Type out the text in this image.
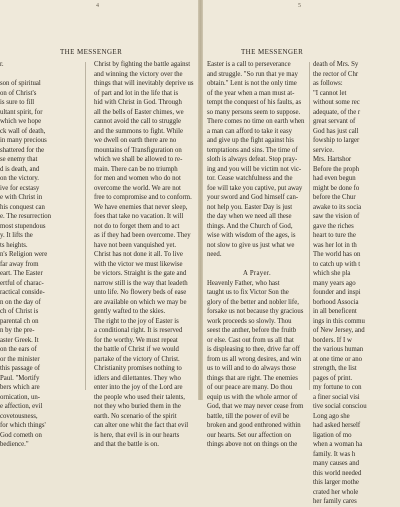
4
THE MESSENGER
r.
son of spiritual
on of Christ's
is sure to fill
ultant spirit, for
which we hope
ck wall of death,
in many precious
shattered for the
se enemy that
d is death, and
on the victory.
ive for ecstasy
e with Christ in
his conquest can
e. The resurrection
most stupendous
y. It lifts the
ts heights.
n's Religion were
far away from
eart. The Easter
ertful of charac-
ractical conside-
n on the day of
ch of Christ is
parental ch on
n by the pre-
aster Greek. It
on the ears of
or the minister
this passage of
Paul. "Mortify
bers which are
ornication, un-
e affection, evil
covetousness,
for which things'
God cometh on
bedience."
Christ by fighting the battle against
and winning the victory over the
things that will inevitably deprive us
of part and lot in the life that is
hid with Christ in God. Through
all the bells of Easter chimes, we
cannot avoid the call to struggle
and the summons to fight. While
we dwell on earth there are no
mountains of Transfiguration on
which we shall be allowed to re-
main. There can be no triumph
for men and women who do not
overcome the world. We are not
free to compromise and to conform.
We have enemies that never sleep,
foes that take no vacation. It will
not do to forget them and to act
as if they had been overcome. They
have not been vanquished yet.
Christ has not done it all. To live
with the victor we must likewise
be victors. Straight is the gate and
narrow still is the way that leadeth
unto life. No flowery beds of ease
are available on which we may be
gently wafted to the skies.
The right to the joy of Easter is
a conditional right. It is reserved
for the worthy. We must repeat
the battle of Christ if we would
partake of the victory of Christ.
Christianity promises nothing to
idlers and dilettantes. They who
enter into the joy of the Lord are
the people who used their talents,
not they who buried them in the
earth. No scenario of the spirit
can alter one whit the fact that evil
is here, that evil is in our hearts
and that the battle is on.
5
THE MESSENGER
Easter is a call to perseverance
and struggle. "So run that ye may
obtain." Lent is not the only time
of the year when a man must at-
tempt the conquest of his faults, as
so many persons seem to suppose.
There comes no time on earth when
a man can afford to take it easy
and give up the fight against his
temptations and sins. The time of
sloth is always defeat. Stop pray-
ing and you will be victim not vic-
tor. Cease watchfulness and the
foe will take you captive, put away
your sword and God himself can-
not help you. Easter Day is just
the day when we need all these
things. And the Church of God,
wise with wisdom of the ages, is
not slow to give us just what we
need.
A Prayer.
Heavenly Father, who hast
taught us to fix Victor Son the
glory of the better and nobler life,
forsake us not because thy gracious
work proceeds so slowly. Thou
seest the anther, before the fruitb
or else. Cast out from us all that
is displeasing to thee, drive far off
from us all wrong desires, and win
us to will and to do always those
things that are right. The enemies
of our peace are many. Do thou
equip us with the whole armor of
God, that we may never cease from
battle, till the power of evil be
broken and good enthroned within
our hearts. Set our affection on
things above not on things on the
death of Mrs. Sy
the rector of Chr
as follows:
"I cannot let
without some rec
adequate, of the r
great servant of
God has just call
fowship to larger
service.
Mrs. Hartshor
Before the proph
had even begun
might be done fo
before the Chur
awake to its socia
saw the vision of
gave the riches
heart to ture the
was her lot in th
The world has on
to catch up with t
which she pla
many years ago
founder and inspi
borhood Associa
in all beneficent
ings in this commu
of New Jersey, and
borders. If I w
the various human
at one time or ano
strength, the list
pages of print.
my fortune to con
a finer social visi
tive social consciou
Long ago she
had asked herself
ligation of mo
when a woman ha
family. It was h
many causes and
this world needed
this larger mothe
crated her whole
her family cares
